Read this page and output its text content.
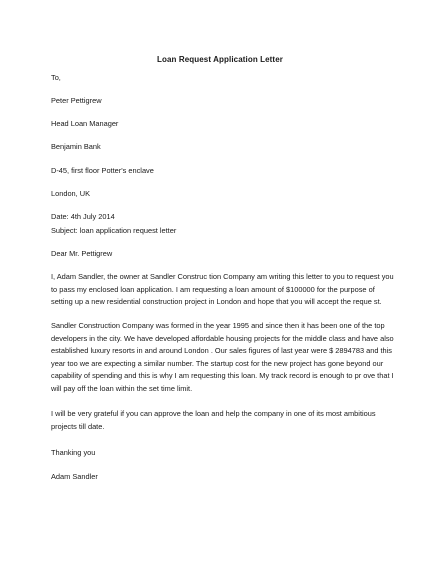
Loan Request Application Letter
To,
Peter Pettigrew
Head Loan Manager
Benjamin Bank
D-45, first floor Potter's enclave
London, UK
Date: 4th July 2014
Subject: loan application request letter
Dear Mr. Pettigrew
I, Adam Sandler, the owner at Sandler Construc tion Company am writing this letter to you to request you
to pass my enclosed loan application. I am requesting a loan amount of $100000 for the purpose of
setting up a new residential construction project in London and hope that you will accept the reque st.
Sandler Construction Company was formed in the year 1995 and since then it has been one of the top
developers in the city. We have developed affordable housing projects for the middle class and have also
established luxury resorts in and around London . Our sales figures of last year were $ 2894783 and this
year too we are expecting a similar number. The startup cost for the new project has gone beyond our
capability of spending and this is why I am requesting this loan. My track record is enough to pr ove that I
will pay off the loan within the set time limit.
I will be very grateful if you can approve the loan and help the company in one of its most ambitious
projects till date.
Thanking you
Adam Sandler
